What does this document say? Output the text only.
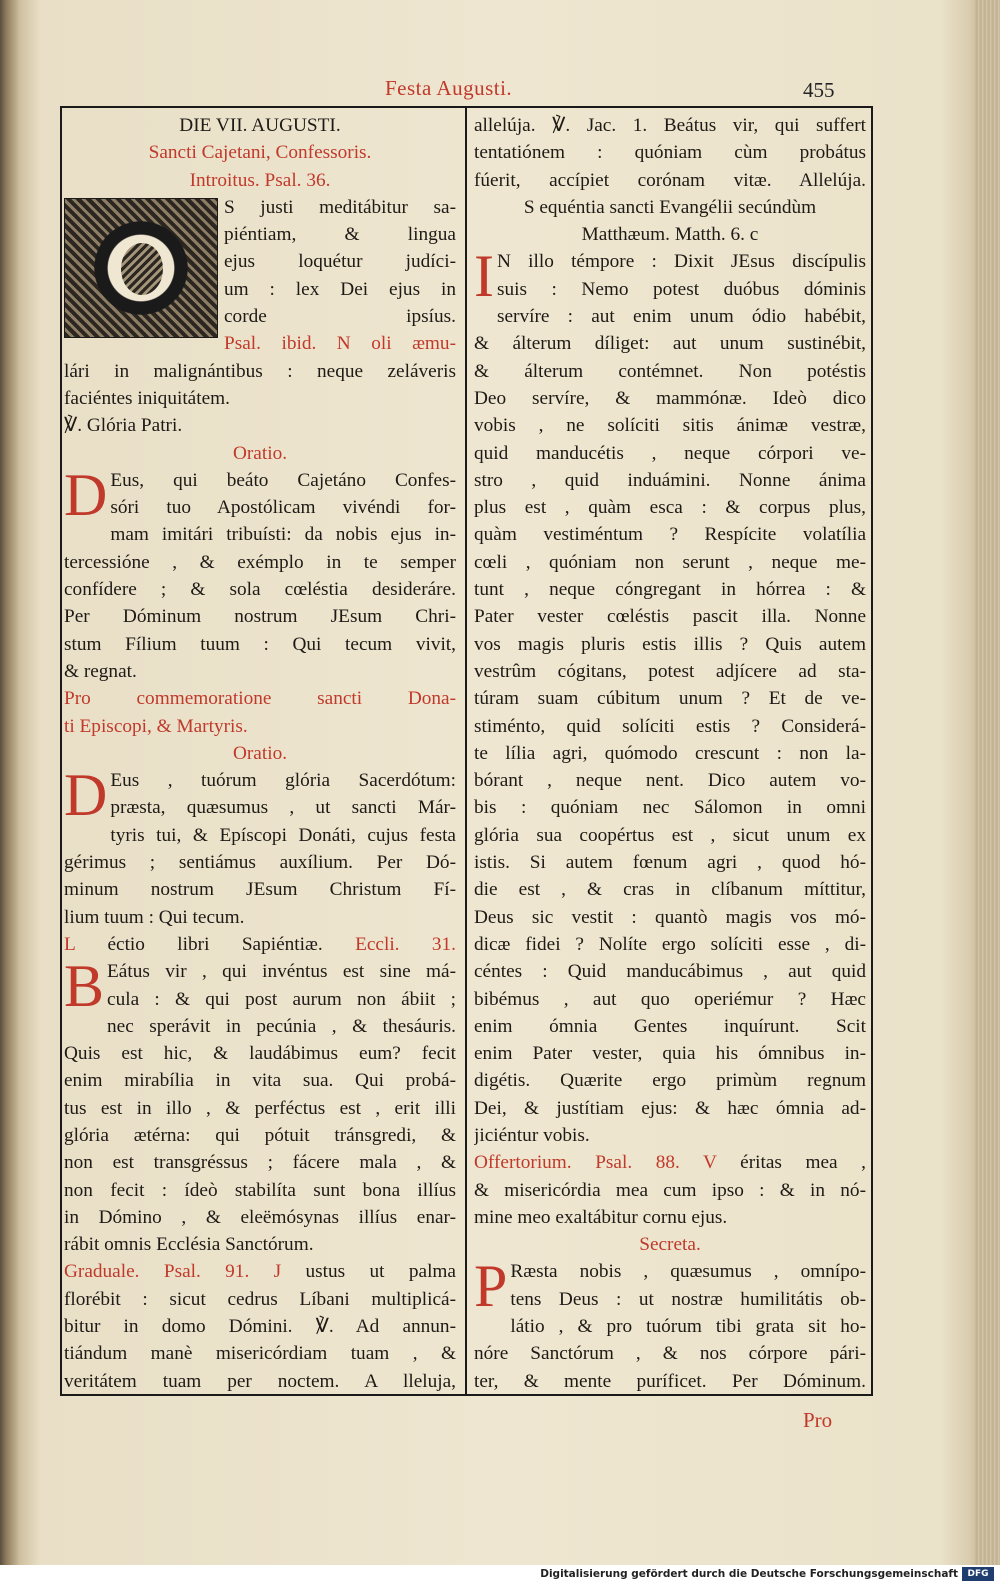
Festa Augusti.	455
DIE VII. AUGUSTI.
Sancti Cajetani, Confessoris.
Introitus. Psal. 36.
S justi meditábitur sa-
piéntiam, & lingua
ejus loquétur judíci-
um : lex Dei ejus in
corde ipsíus.
Psal. ibid. N oli æmu-
lári in malignántibus : neque zeláveris
faciéntes iniquitátem.
℣. Glória Patri.
Oratio.
D Eus, qui beáto Cajetáno Confes-
sóri tuo Apostólicam vivéndi for-
mam imitári tribuísti: da nobis ejus in-
tercessióne , & exémplo in te semper
confídere ; & sola cœléstia desideráre.
Per Dóminum nostrum JEsum Chri-
stum Fílium tuum : Qui tecum vivit,
& regnat.
Pro commemoratione sancti Dona-
ti Episcopi, & Martyris.
Oratio.
D Eus , tuórum glória Sacerdótum:
præsta, quæsumus , ut sancti Már-
tyris tui, & Epíscopi Donáti, cujus festa
gérimus ; sentiámus auxílium. Per Dó-
minum nostrum JEsum Christum Fí-
lium tuum : Qui tecum.
L éctio libri Sapiéntiæ. Eccli. 31.
B Eátus vir , qui invéntus est sine má-
cula : & qui post aurum non ábiit ;
nec sperávit in pecúnia , & thesáuris.
Quis est hic, & laudábimus eum? fecit
enim mirabília in vita sua. Qui probá-
tus est in illo , & perféctus est , erit illi
glória ætérna: qui pótuit tránsgredi, &
non est transgréssus ; fácere mala , &
non fecit : ídeò stabilíta sunt bona illíus
in Dómino , & eleëmósynas illíus enar-
rábit omnis Ecclésia Sanctórum.
Graduale. Psal. 91. J ustus ut palma
florébit : sicut cedrus Líbani multiplicá-
bitur in domo Dómini. ℣. Ad annun-
tiándum manè misericórdiam tuam , &
veritátem tuam per noctem. A lleluja,
allelúja. ℣. Jac. 1. Beátus vir, qui suffert
tentatiónem : quóniam cùm probátus
fúerit, accípiet corónam vitæ. Allelúja.
S equéntia sancti Evangélii secúndùm
Matthæum. Matth. 6. c
I N illo témpore : Dixit JEsus discípulis
suis : Nemo potest duóbus dóminis
servíre : aut enim unum ódio habébit,
& álterum díliget: aut unum sustinébit,
& álterum contémnet. Non potéstis
Deo servíre, & mammónæ. Ideò dico
vobis , ne solíciti sitis ánimæ vestræ,
quid manducétis , neque córpori ve-
stro , quid induámini. Nonne ánima
plus est , quàm esca : & corpus plus,
quàm vestiméntum ? Respícite volatília
cœli , quóniam non serunt , neque me-
tunt , neque cóngregant in hórrea : &
Pater vester cœléstis pascit illa. Nonne
vos magis pluris estis illis ? Quis autem
vestrûm cógitans, potest adjícere ad sta-
túram suam cúbitum unum ? Et de ve-
stiménto, quid solíciti estis ? Considerá-
te lília agri, quómodo crescunt : non la-
bórant , neque nent. Dico autem vo-
bis : quóniam nec Sálomon in omni
glória sua coopértus est , sicut unum ex
istis. Si autem fœnum agri , quod hó-
die est , & cras in clíbanum míttitur,
Deus sic vestit : quantò magis vos mó-
dicæ fidei ? Nolíte ergo solíciti esse , di-
céntes : Quid manducábimus , aut quid
bibémus , aut quo operiémur ? Hæc
enim ómnia Gentes inquírunt. Scit
enim Pater vester, quia his ómnibus in-
digétis. Quærite ergo primùm regnum
Dei, & justítiam ejus: & hæc ómnia ad-
jiciéntur vobis.
Offertorium. Psal. 88. V éritas mea ,
& misericórdia mea cum ipso : & in nó-
mine meo exaltábitur cornu ejus.
Secreta.
P Ræsta nobis , quæsumus , omnípo-
tens Deus : ut nostræ humilitátis ob-
látio , & pro tuórum tibi grata sit ho-
nóre Sanctórum , & nos córpore pári-
ter, & mente puríficet. Per Dóminum.
Pro
Digitalisierung gefördert durch die Deutsche Forschungsgemeinschaft	DFG
